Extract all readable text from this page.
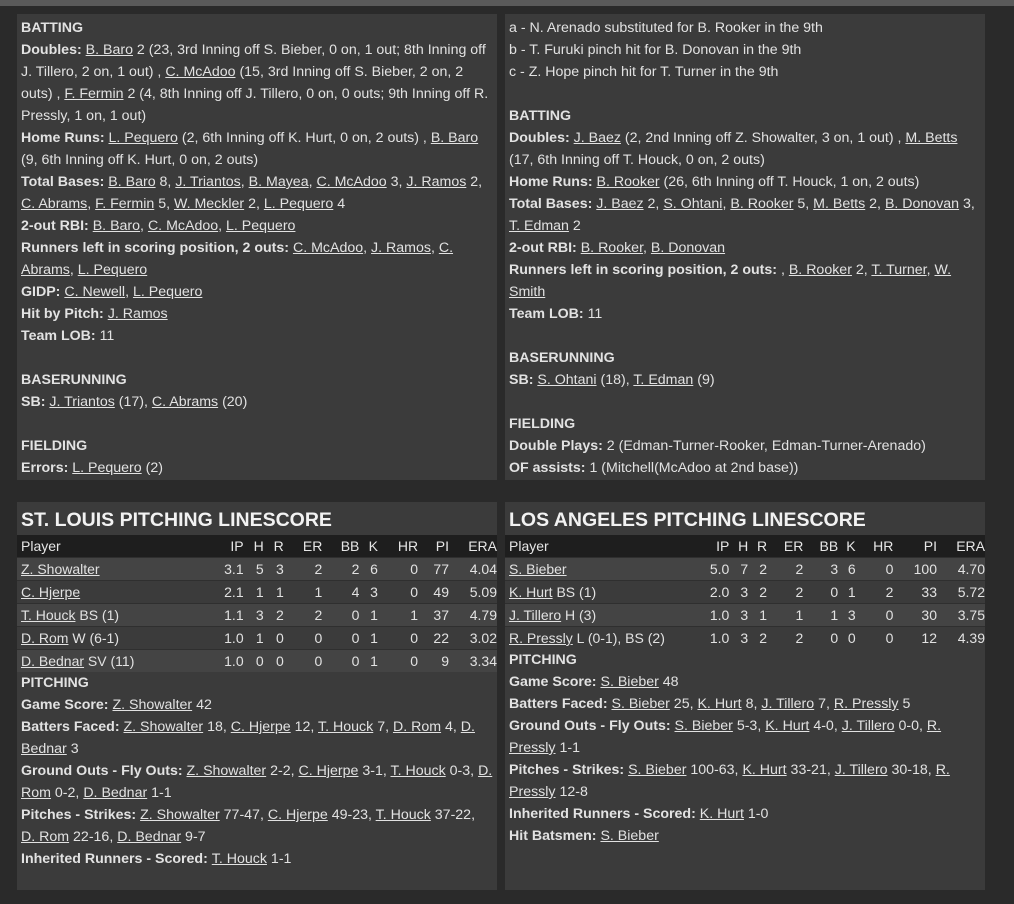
BATTING
Doubles: B. Baro 2 (23, 3rd Inning off S. Bieber, 0 on, 1 out; 8th Inning off J. Tillero, 2 on, 1 out) , C. McAdoo (15, 3rd Inning off S. Bieber, 2 on, 2 outs) , F. Fermin 2 (4, 8th Inning off J. Tillero, 0 on, 0 outs; 9th Inning off R. Pressly, 1 on, 1 out)
Home Runs: L. Pequero (2, 6th Inning off K. Hurt, 0 on, 2 outs) , B. Baro (9, 6th Inning off K. Hurt, 0 on, 2 outs)
Total Bases: B. Baro 8, J. Triantos, B. Mayea, C. McAdoo 3, J. Ramos 2, C. Abrams, F. Fermin 5, W. Meckler 2, L. Pequero 4
2-out RBI: B. Baro, C. McAdoo, L. Pequero
Runners left in scoring position, 2 outs: C. McAdoo, J. Ramos, C. Abrams, L. Pequero
GIDP: C. Newell, L. Pequero
Hit by Pitch: J. Ramos
Team LOB: 11
BASERUNNING
SB: J. Triantos (17), C. Abrams (20)
FIELDING
Errors: L. Pequero (2)
a - N. Arenado substituted for B. Rooker in the 9th
b - T. Furuki pinch hit for B. Donovan in the 9th
c - Z. Hope pinch hit for T. Turner in the 9th
BATTING
Doubles: J. Baez (2, 2nd Inning off Z. Showalter, 3 on, 1 out) , M. Betts (17, 6th Inning off T. Houck, 0 on, 2 outs)
Home Runs: B. Rooker (26, 6th Inning off T. Houck, 1 on, 2 outs)
Total Bases: J. Baez 2, S. Ohtani, B. Rooker 5, M. Betts 2, B. Donovan 3, T. Edman 2
2-out RBI: B. Rooker, B. Donovan
Runners left in scoring position, 2 outs: , B. Rooker 2, T. Turner, W. Smith
Team LOB: 11
BASERUNNING
SB: S. Ohtani (18), T. Edman (9)
FIELDING
Double Plays: 2 (Edman-Turner-Rooker, Edman-Turner-Arenado)
OF assists: 1 (Mitchell(McAdoo at 2nd base))
ST. LOUIS PITCHING LINESCORE
Player	IP	H	R	ER	BB	K	HR	PI	ERA
Z. Showalter	3.1	5	3	2	2	6	0	77	4.04
C. Hjerpe	2.1	1	1	1	4	3	0	49	5.09
T. Houck BS (1)	1.1	3	2	2	0	1	1	37	4.79
D. Rom W (6-1)	1.0	1	0	0	0	1	0	22	3.02
D. Bednar SV (11)	1.0	0	0	0	0	1	0	9	3.34
PITCHING
Game Score: Z. Showalter 42
Batters Faced: Z. Showalter 18, C. Hjerpe 12, T. Houck 7, D. Rom 4, D. Bednar 3
Ground Outs - Fly Outs: Z. Showalter 2-2, C. Hjerpe 3-1, T. Houck 0-3, D. Rom 0-2, D. Bednar 1-1
Pitches - Strikes: Z. Showalter 77-47, C. Hjerpe 49-23, T. Houck 37-22, D. Rom 22-16, D. Bednar 9-7
Inherited Runners - Scored: T. Houck 1-1
LOS ANGELES PITCHING LINESCORE
Player	IP	H	R	ER	BB	K	HR	PI	ERA
S. Bieber	5.0	7	2	2	3	6	0	100	4.70
K. Hurt BS (1)	2.0	3	2	2	0	1	2	33	5.72
J. Tillero H (3)	1.0	3	1	1	1	3	0	30	3.75
R. Pressly L (0-1), BS (2)	1.0	3	2	2	0	0	0	12	4.39
PITCHING
Game Score: S. Bieber 48
Batters Faced: S. Bieber 25, K. Hurt 8, J. Tillero 7, R. Pressly 5
Ground Outs - Fly Outs: S. Bieber 5-3, K. Hurt 4-0, J. Tillero 0-0, R. Pressly 1-1
Pitches - Strikes: S. Bieber 100-63, K. Hurt 33-21, J. Tillero 30-18, R. Pressly 12-8
Inherited Runners - Scored: K. Hurt 1-0
Hit Batsmen: S. Bieber
